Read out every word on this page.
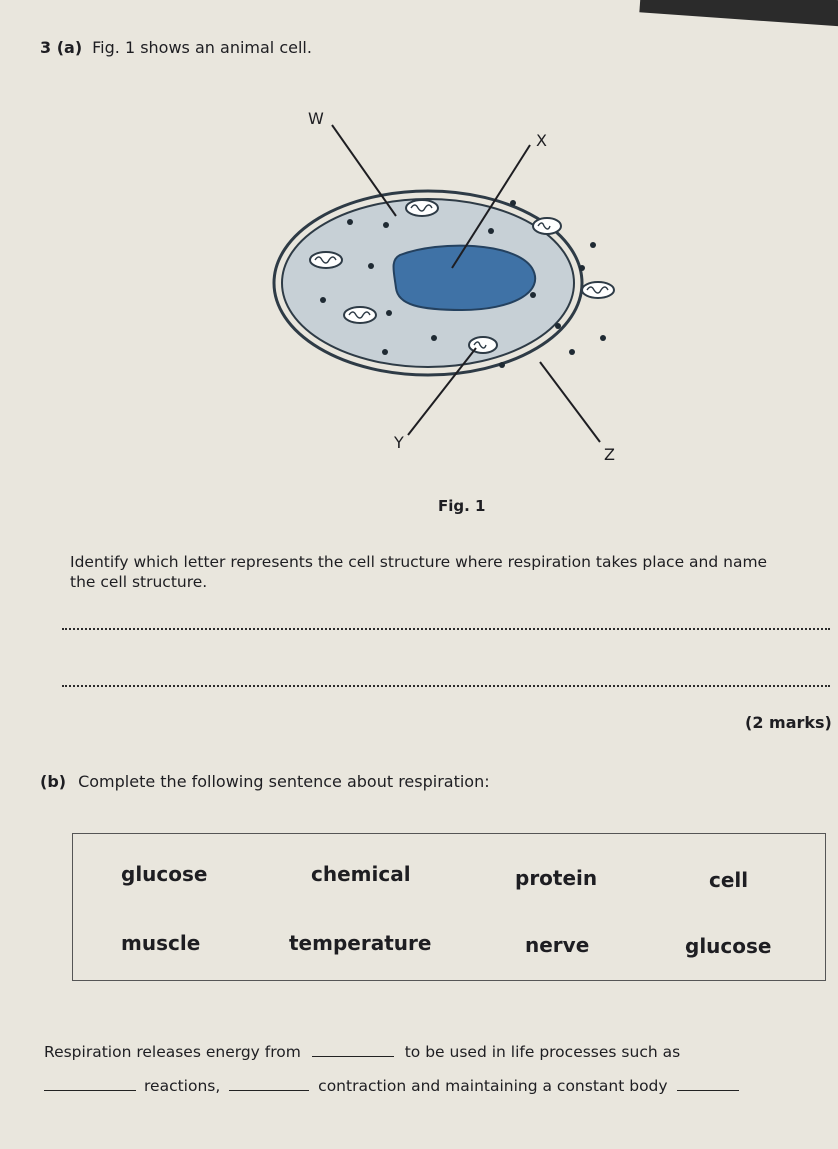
3 (a) Fig. 1 shows an animal cell.
W
X
Y
Z
Fig. 1
Identify which letter represents the cell structure where respiration takes place and name the cell structure.
(2 marks)
(b) Complete the following sentence about respiration:
glucose	chemical	protein	cell
muscle	temperature	nerve	glucose
Respiration releases energy from	to be used in life processes such as
reactions,	contraction and maintaining a constant body
